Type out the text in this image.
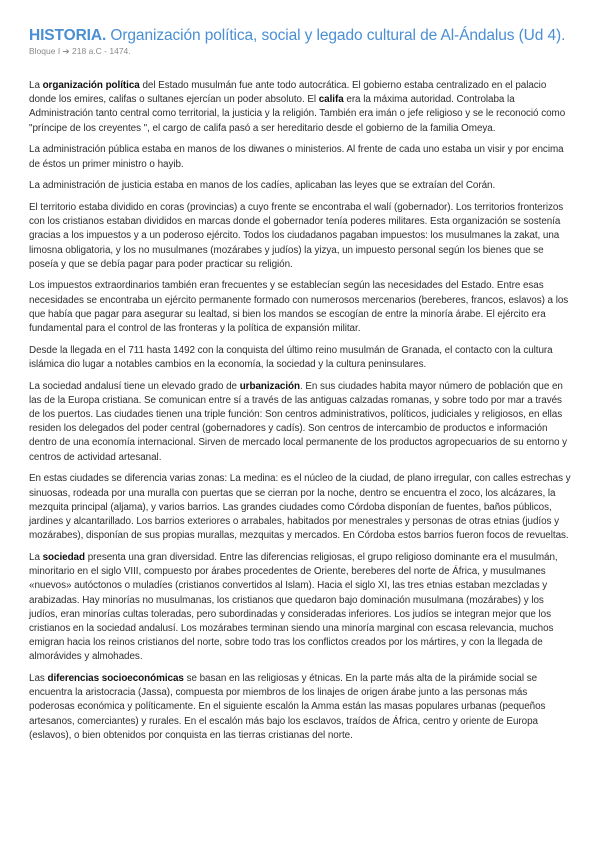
HISTORIA. Organización política, social y legado cultural de Al-Ándalus (Ud 4).
Bloque I ➔ 218 a.C - 1474.

La organización política del Estado musulmán fue ante todo autocrática. El gobierno estaba centralizado en el palacio donde los emires, califas o sultanes ejercían un poder absoluto. El califa era la máxima autoridad. Controlaba la Administración tanto central como territorial, la justicia y la religión. También era imán o jefe religioso y se le reconoció como "príncipe de los creyentes ", el cargo de califa pasó a ser hereditario desde el gobierno de la familia Omeya.

La administración pública estaba en manos de los diwanes o ministerios. Al frente de cada uno estaba un visir y por encima de éstos un primer ministro o hayib.

La administración de justicia estaba en manos de los cadíes, aplicaban las leyes que se extraían del Corán.

El territorio estaba dividido en coras (provincias) a cuyo frente se encontraba el walí (gobernador). Los territorios fronterizos con los cristianos estaban divididos en marcas donde el gobernador tenía poderes militares. Esta organización se sostenía gracias a los impuestos y a un poderoso ejército. Todos los ciudadanos pagaban impuestos: los musulmanes la zakat, una limosna obligatoria, y los no musulmanes (mozárabes y judíos) la yizya, un impuesto personal según los bienes que se poseía y que se debía pagar para poder practicar su religión.

Los impuestos extraordinarios también eran frecuentes y se establecían según las necesidades del Estado. Entre esas necesidades se encontraba un ejército permanente formado con numerosos mercenarios (bereberes, francos, eslavos) a los que había que pagar para asegurar su lealtad, si bien los mandos se escogían de entre la minoría árabe. El ejército era fundamental para el control de las fronteras y la política de expansión militar.

Desde la llegada en el 711 hasta 1492 con la conquista del último reino musulmán de Granada, el contacto con la cultura islámica dio lugar a notables cambios en la economía, la sociedad y la cultura peninsulares.

La sociedad andalusí tiene un elevado grado de urbanización. En sus ciudades habita mayor número de población que en las de la Europa cristiana. Se comunican entre sí a través de las antiguas calzadas romanas, y sobre todo por mar a través de los puertos. Las ciudades tienen una triple función: Son centros administrativos, políticos, judiciales y religiosos, en ellas residen los delegados del poder central (gobernadores y cadís). Son centros de intercambio de productos e información dentro de una economía internacional. Sirven de mercado local permanente de los productos agropecuarios de su entorno y centros de actividad artesanal.

En estas ciudades se diferencia varias zonas: La medina: es el núcleo de la ciudad, de plano irregular, con calles estrechas y sinuosas, rodeada por una muralla con puertas que se cierran por la noche, dentro se encuentra el zoco, los alcázares, la mezquita principal (aljama), y varios barrios. Las grandes ciudades como Córdoba disponían de fuentes, baños públicos, jardines y alcantarillado. Los barrios exteriores o arrabales, habitados por menestrales y personas de otras etnias (judíos y mozárabes), disponían de sus propias murallas, mezquitas y mercados. En Córdoba estos barrios fueron focos de revueltas.

La sociedad presenta una gran diversidad. Entre las diferencias religiosas, el grupo religioso dominante era el musulmán, minoritario en el siglo VIII, compuesto por árabes procedentes de Oriente, bereberes del norte de África, y musulmanes «nuevos» autóctonos o muladíes (cristianos convertidos al Islam). Hacia el siglo XI, las tres etnias estaban mezcladas y arabizadas. Hay minorías no musulmanas, los cristianos que quedaron bajo dominación musulmana (mozárabes) y los judíos, eran minorías cultas toleradas, pero subordinadas y consideradas inferiores. Los judíos se integran mejor que los cristianos en la sociedad andalusí. Los mozárabes terminan siendo una minoría marginal con escasa relevancia, muchos emigran hacia los reinos cristianos del norte, sobre todo tras los conflictos creados por los mártires, y con la llegada de almorávides y almohades.

Las diferencias socioeconómicas se basan en las religiosas y étnicas. En la parte más alta de la pirámide social se encuentra la aristocracia (Jassa), compuesta por miembros de los linajes de origen árabe junto a las personas más poderosas económica y políticamente. En el siguiente escalón la Amma están las masas populares urbanas (pequeños artesanos, comerciantes) y rurales. En el escalón más bajo los esclavos, traídos de África, centro y oriente de Europa (eslavos), o bien obtenidos por conquista en las tierras cristianas del norte.
